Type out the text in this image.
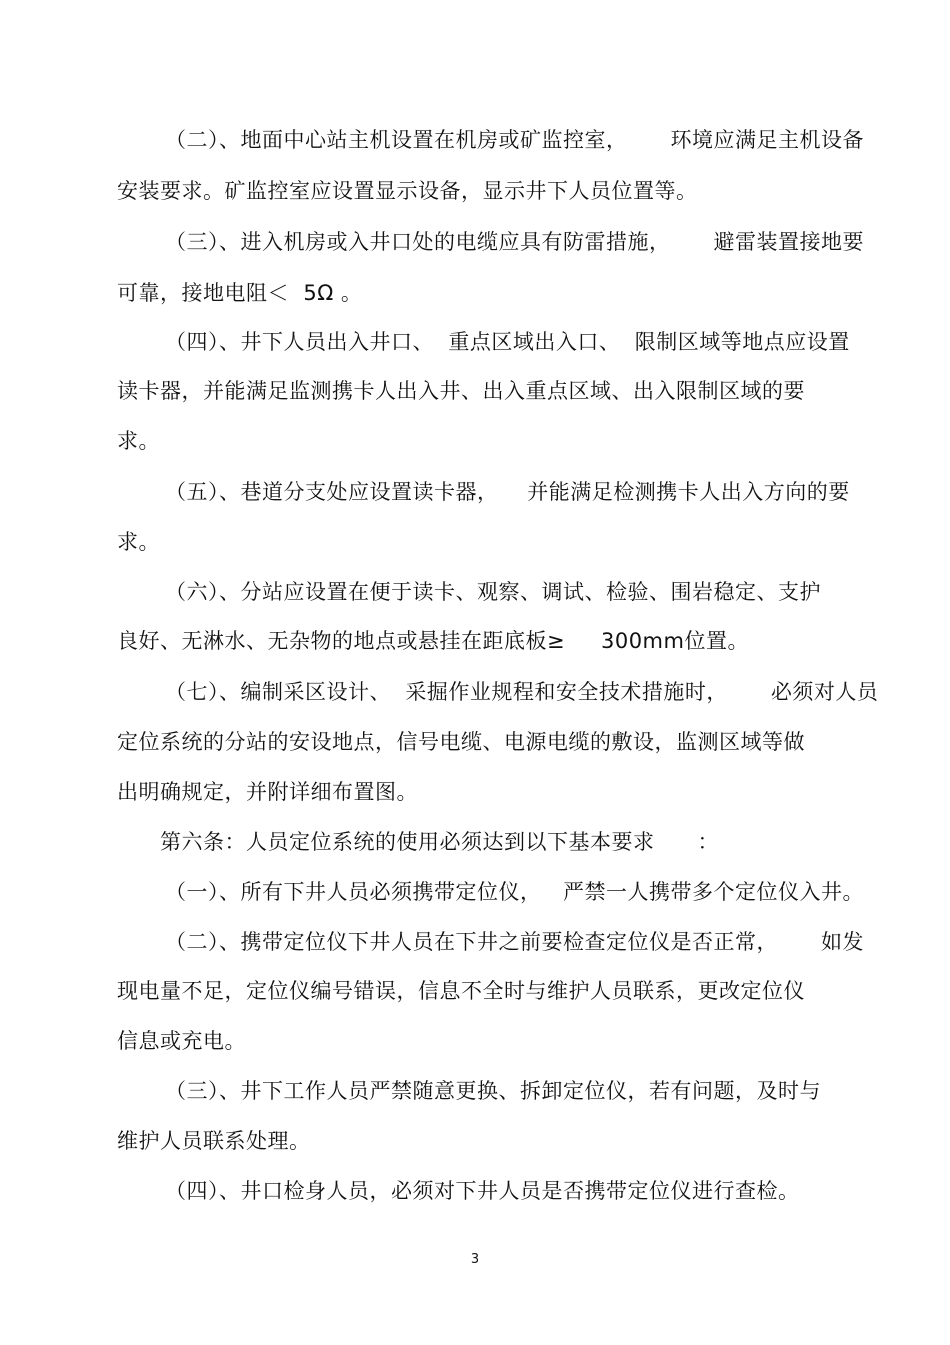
（二）、地面中心站主机设置在机房或矿监控室，      环境应满足主机设备
安装要求。矿监控室应设置显示设备，显示井下人员位置等。
（三）、进入机房或入井口处的电缆应具有防雷措施，      避雷装置接地要
可靠，接地电阻＜  5Ω 。
（四）、井下人员出入井口、  重点区域出入口、  限制区域等地点应设置
读卡器，并能满足监测携卡人出入井、出入重点区域、出入限制区域的要
求。
（五）、巷道分支处应设置读卡器，    并能满足检测携卡人出入方向的要
求。
（六）、分站应设置在便于读卡、观察、调试、检验、围岩稳定、支护
良好、无淋水、无杂物的地点或悬挂在距底板≥     300mm位置。
（七）、编制采区设计、  采掘作业规程和安全技术措施时，      必须对人员
定位系统的分站的安设地点，信号电缆、电源电缆的敷设，监测区域等做
出明确规定，并附详细布置图。
第六条：人员定位系统的使用必须达到以下基本要求      ：
（一）、所有下井人员必须携带定位仪，   严禁一人携带多个定位仪入井。
（二）、携带定位仪下井人员在下井之前要检查定位仪是否正常，      如发
现电量不足，定位仪编号错误，信息不全时与维护人员联系，更改定位仪
信息或充电。
（三）、井下工作人员严禁随意更换、拆卸定位仪，若有问题，及时与
维护人员联系处理。
（四）、井口检身人员，必须对下井人员是否携带定位仪进行查检。
3
